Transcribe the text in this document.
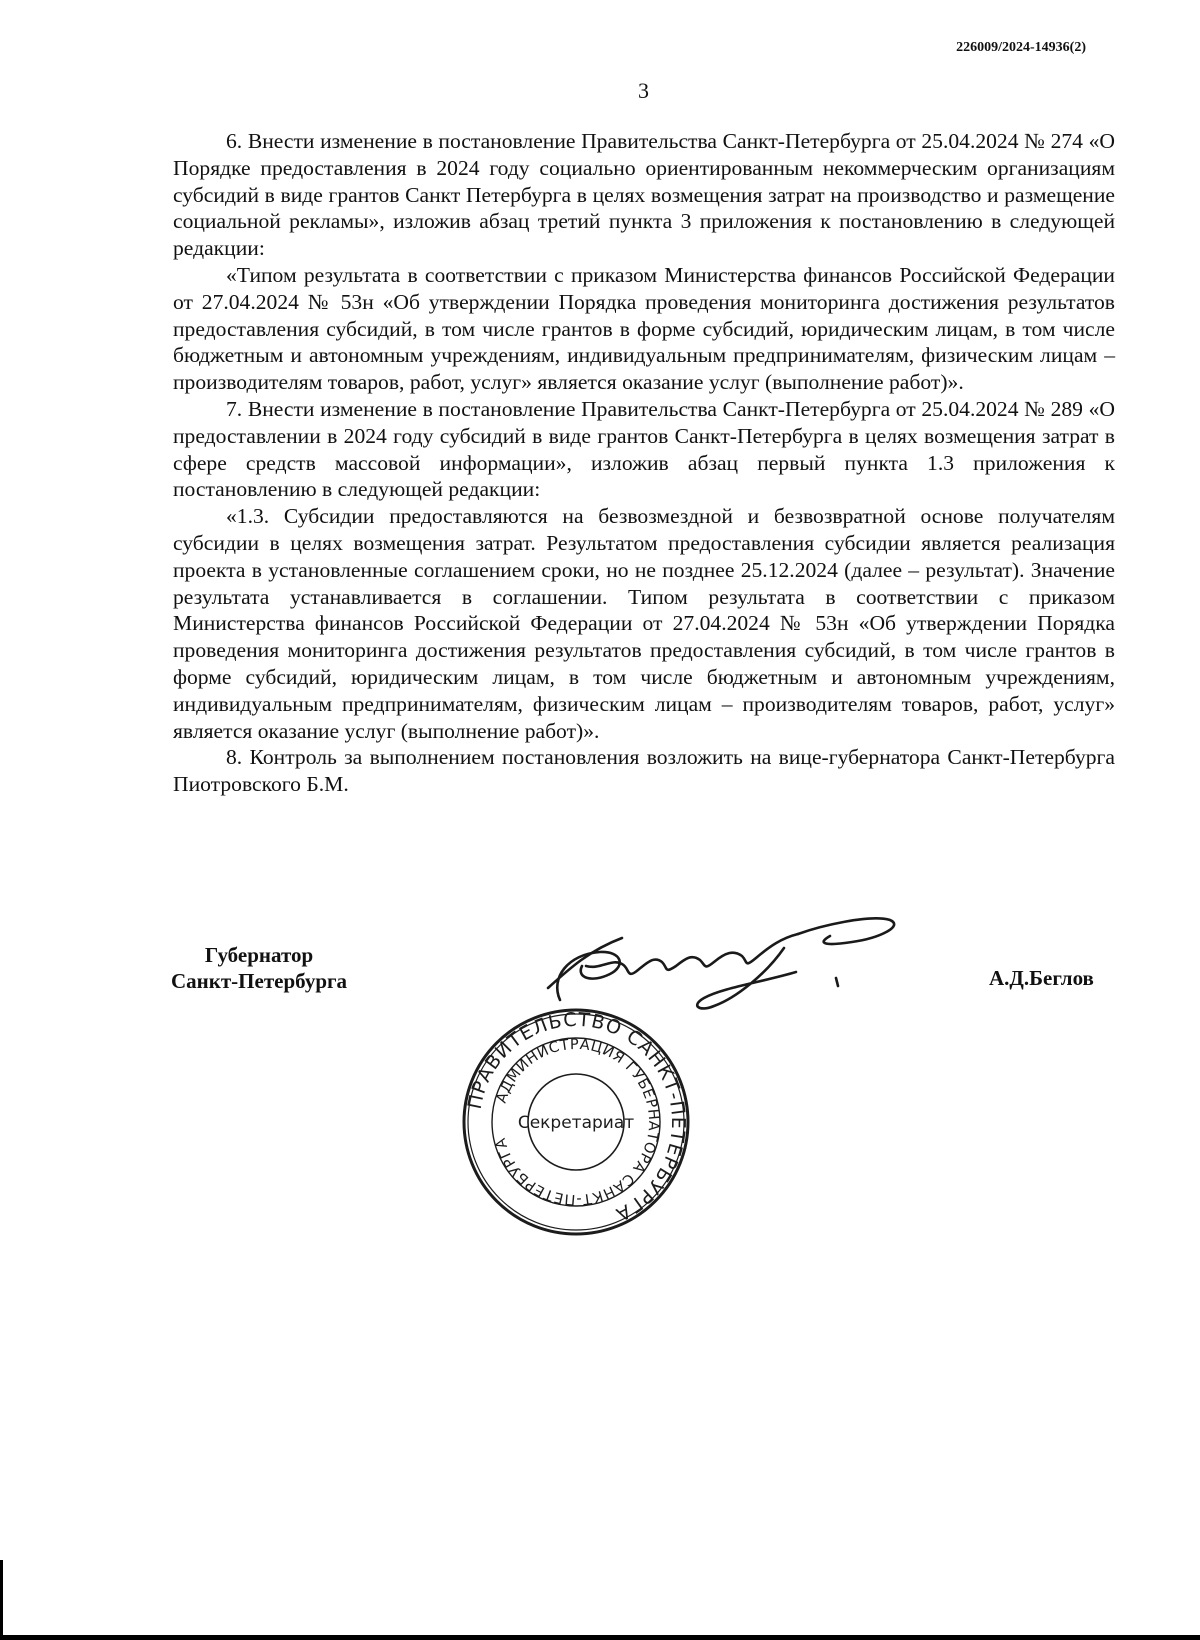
226009/2024-14936(2)
3

6. Внести изменение в постановление Правительства Санкт-Петербурга от 25.04.2024 № 274 «О Порядке предоставления в 2024 году социально ориентированным некоммерческим организациям субсидий в виде грантов Санкт Петербурга в целях возмещения затрат на производство и размещение социальной рекламы», изложив абзац третий пункта 3 приложения к постановлению в следующей редакции:

«Типом результата в соответствии с приказом Министерства финансов Российской Федерации от 27.04.2024 № 53н «Об утверждении Порядка проведения мониторинга достижения результатов предоставления субсидий, в том числе грантов в форме субсидий, юридическим лицам, в том числе бюджетным и автономным учреждениям, индивидуальным предпринимателям, физическим лицам – производителям товаров, работ, услуг» является оказание услуг (выполнение работ)».

7. Внести изменение в постановление Правительства Санкт-Петербурга от 25.04.2024 № 289 «О предоставлении в 2024 году субсидий в виде грантов Санкт-Петербурга в целях возмещения затрат в сфере средств массовой информации», изложив абзац первый пункта 1.3 приложения к постановлению в следующей редакции:

«1.3. Субсидии предоставляются на безвозмездной и безвозвратной основе получателям субсидии в целях возмещения затрат. Результатом предоставления субсидии является реализация проекта в установленные соглашением сроки, но не позднее 25.12.2024 (далее – результат). Значение результата устанавливается в соглашении. Типом результата в соответствии с приказом Министерства финансов Российской Федерации от 27.04.2024 № 53н «Об утверждении Порядка проведения мониторинга достижения результатов предоставления субсидий, в том числе грантов в форме субсидий, юридическим лицам, в том числе бюджетным и автономным учреждениям, индивидуальным предпринимателям, физическим лицам – производителям товаров, работ, услуг» является оказание услуг (выполнение работ)».

8. Контроль за выполнением постановления возложить на вице-губернатора Санкт-Петербурга Пиотровского Б.М.

Губернатор
Санкт-Петербурга	А.Д.Беглов
ПРАВИТЕЛЬСТВО САНКТ-ПЕТЕРБУРГА
АДМИНИСТРАЦИЯ ГУБЕРНАТОРА САНКТ-ПЕТЕРБУРГА
Секретариат
